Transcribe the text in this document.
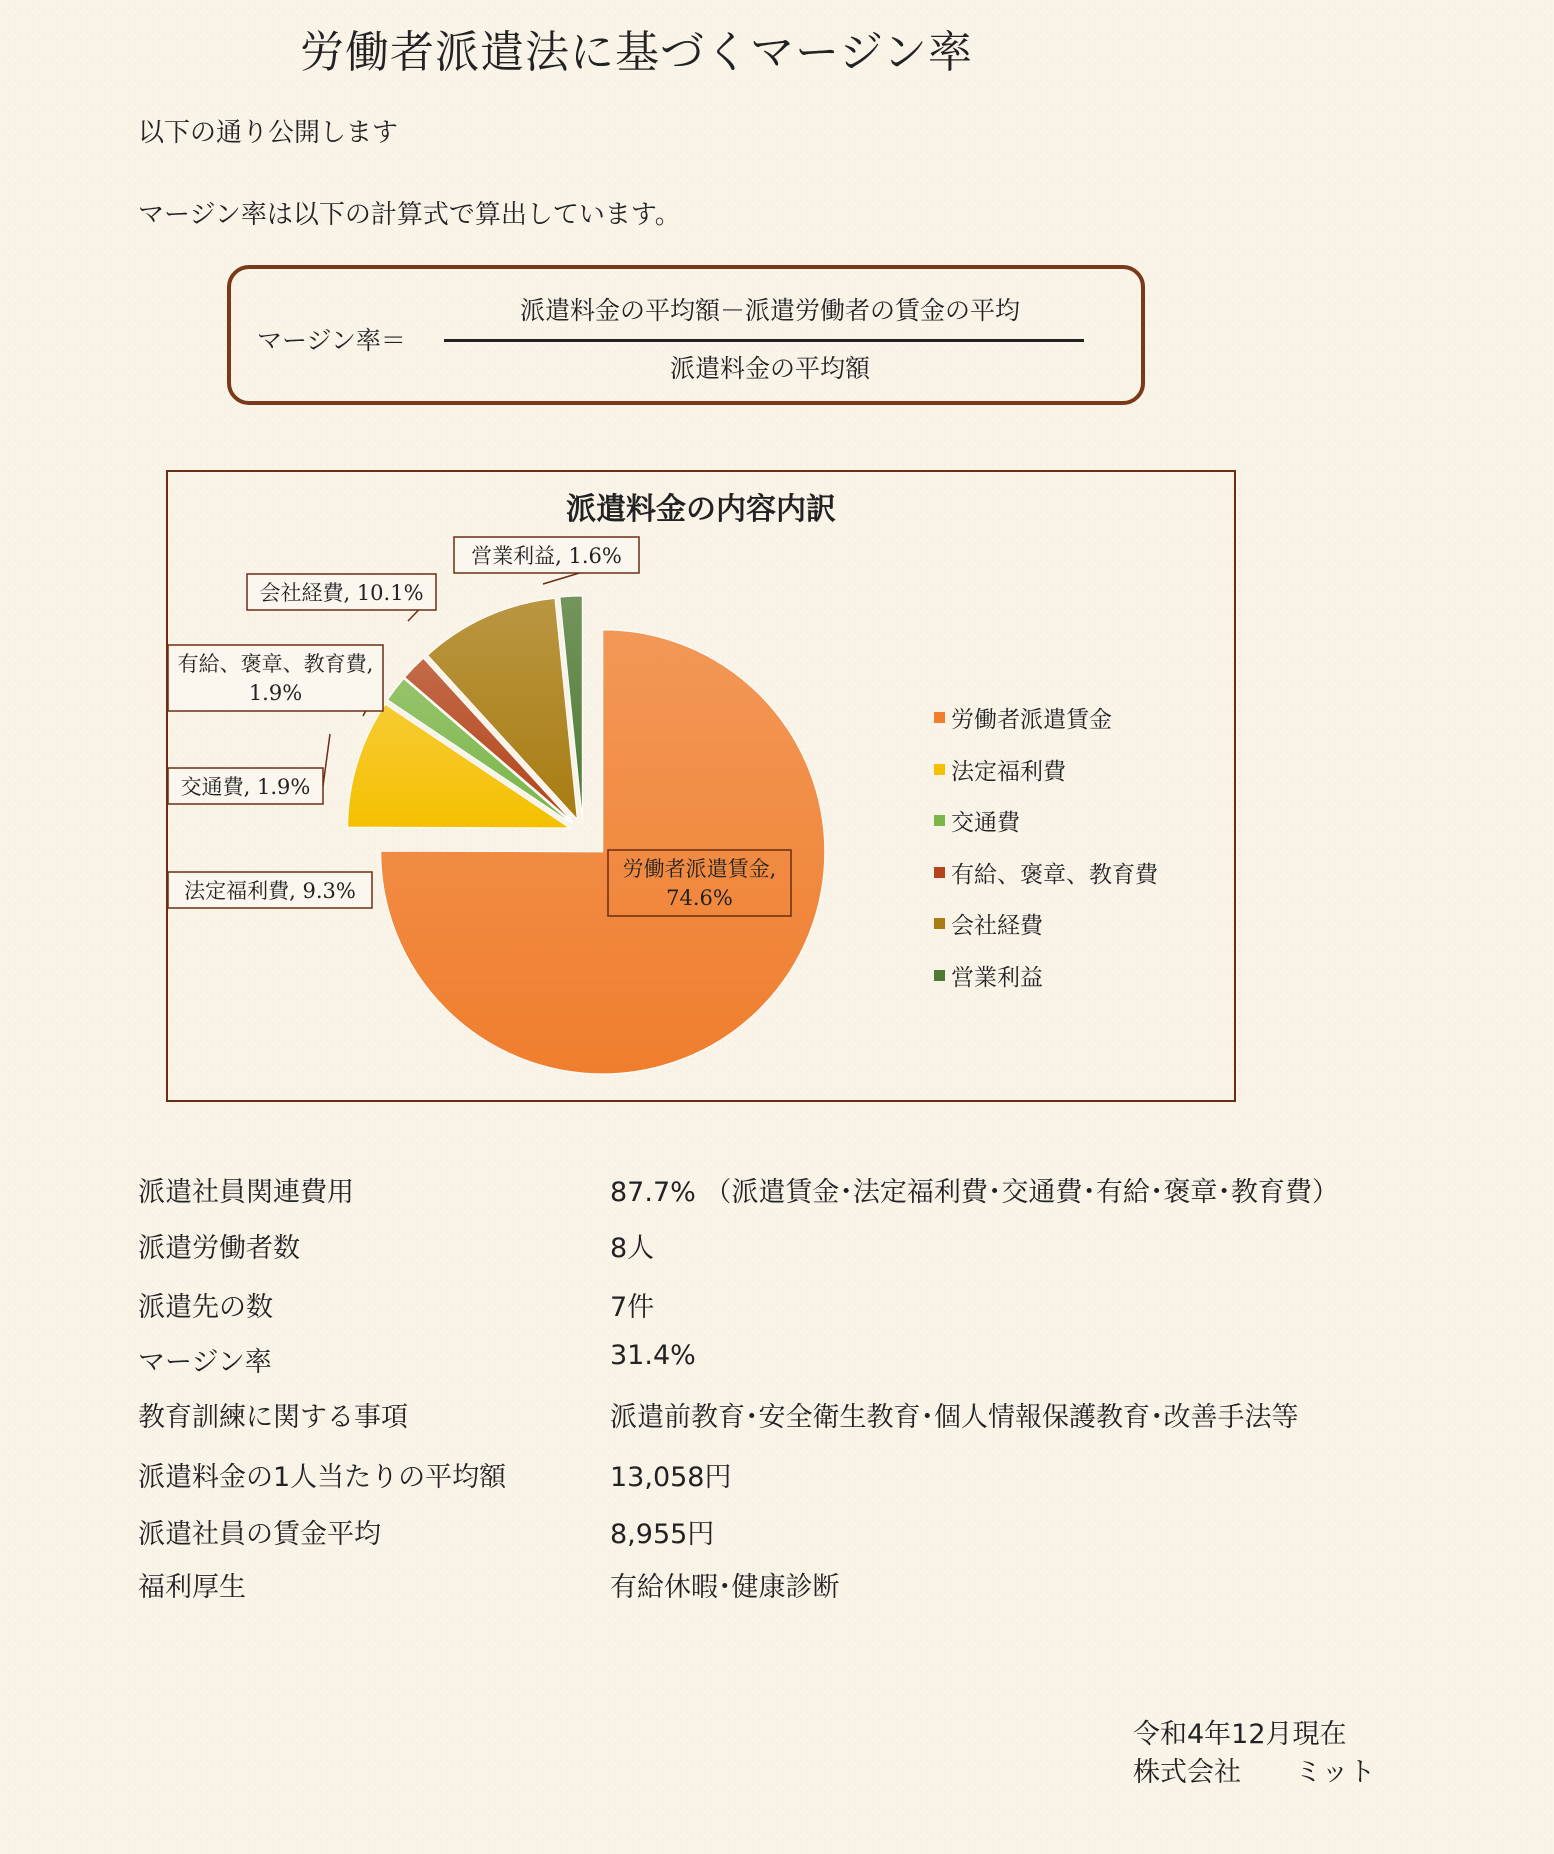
労働者派遣法に基づくマージン率
以下の通り公開します
マージン率は以下の計算式で算出しています。
マージン率＝
派遣料金の平均額－派遣労働者の賃金の平均
派遣料金の平均額
派遣料金の内容内訳
労働者派遣賃金,
74.6%
法定福利費, 9.3%
交通費, 1.9%
有給、褒章、教育費,
1.9%
会社経費, 10.1%
営業利益, 1.6%
労働者派遣賃金
法定福利費
交通費
有給、褒章、教育費
会社経費
営業利益
派遣社員関連費用	87.7% （派遣賃金･法定福利費･交通費･有給･褒章･教育費）
派遣労働者数	8人
派遣先の数	7件
マージン率	31.4%
教育訓練に関する事項	派遣前教育･安全衛生教育･個人情報保護教育･改善手法等
派遣料金の1人当たりの平均額	13,058円
派遣社員の賃金平均	8,955円
福利厚生	有給休暇･健康診断
令和4年12月現在
株式会社　　ミット
